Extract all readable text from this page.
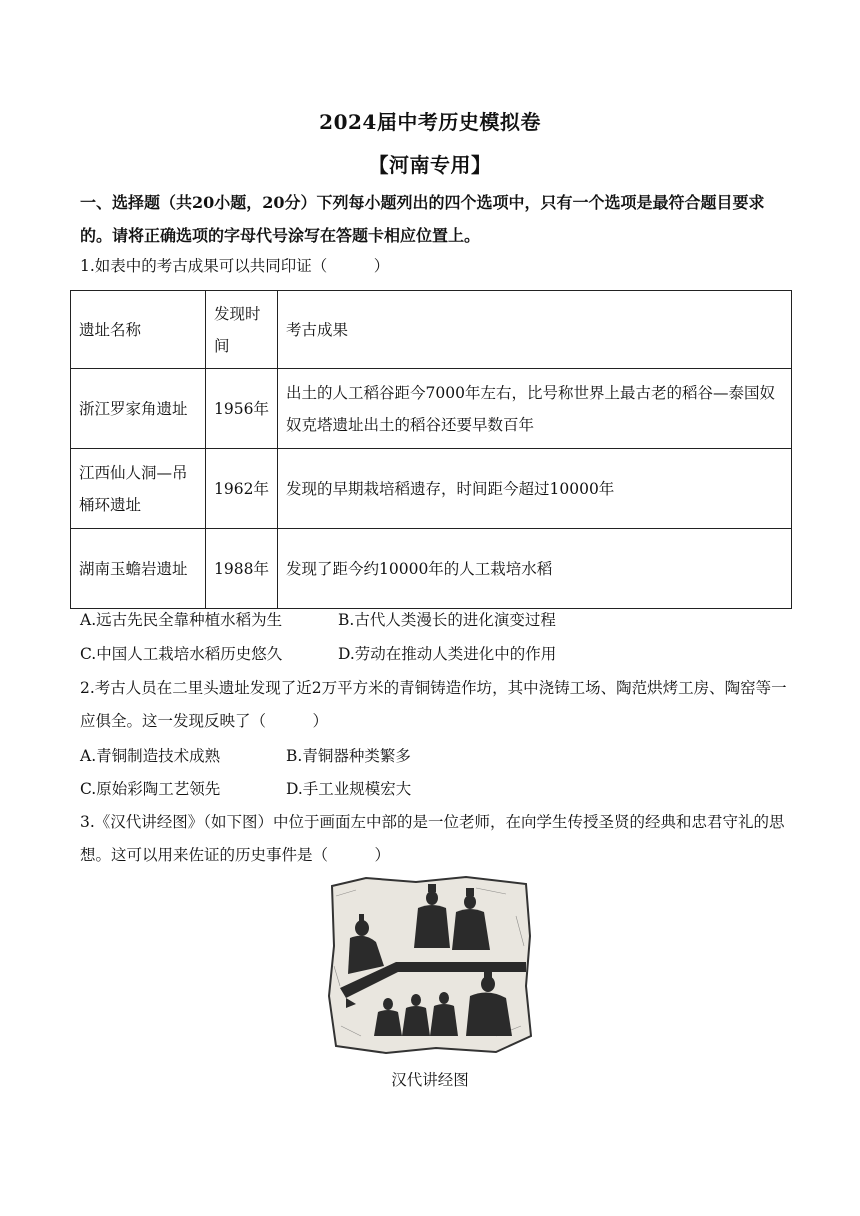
2024届中考历史模拟卷
【河南专用】
一、选择题（共20小题，20分）下列每小题列出的四个选项中，只有一个选项是最符合题目要求的。请将正确选项的字母代号涂写在答题卡相应位置上。
1.如表中的考古成果可以共同印证（　　　）
遗址名称	发现时间	考古成果
浙江罗家角遗址	1956年	出土的人工稻谷距今7000年左右，比号称世界上最古老的稻谷—泰国奴奴克塔遗址出土的稻谷还要早数百年
江西仙人洞—吊桶环遗址	1962年	发现的早期栽培稻遗存，时间距今超过10000年
湖南玉蟾岩遗址	1988年	发现了距今约10000年的人工栽培水稻
A.远古先民全靠种植水稻为生	B.古代人类漫长的进化演变过程
C.中国人工栽培水稻历史悠久	D.劳动在推动人类进化中的作用
2.考古人员在二里头遗址发现了近2万平方米的青铜铸造作坊，其中浇铸工场、陶范烘烤工房、陶窑等一应俱全。这一发现反映了（　　　）
A.青铜制造技术成熟	B.青铜器种类繁多
C.原始彩陶工艺领先	D.手工业规模宏大
3.《汉代讲经图》（如下图）中位于画面左中部的是一位老师，在向学生传授圣贤的经典和忠君守礼的思想。这可以用来佐证的历史事件是（　　　）
汉代讲经图
